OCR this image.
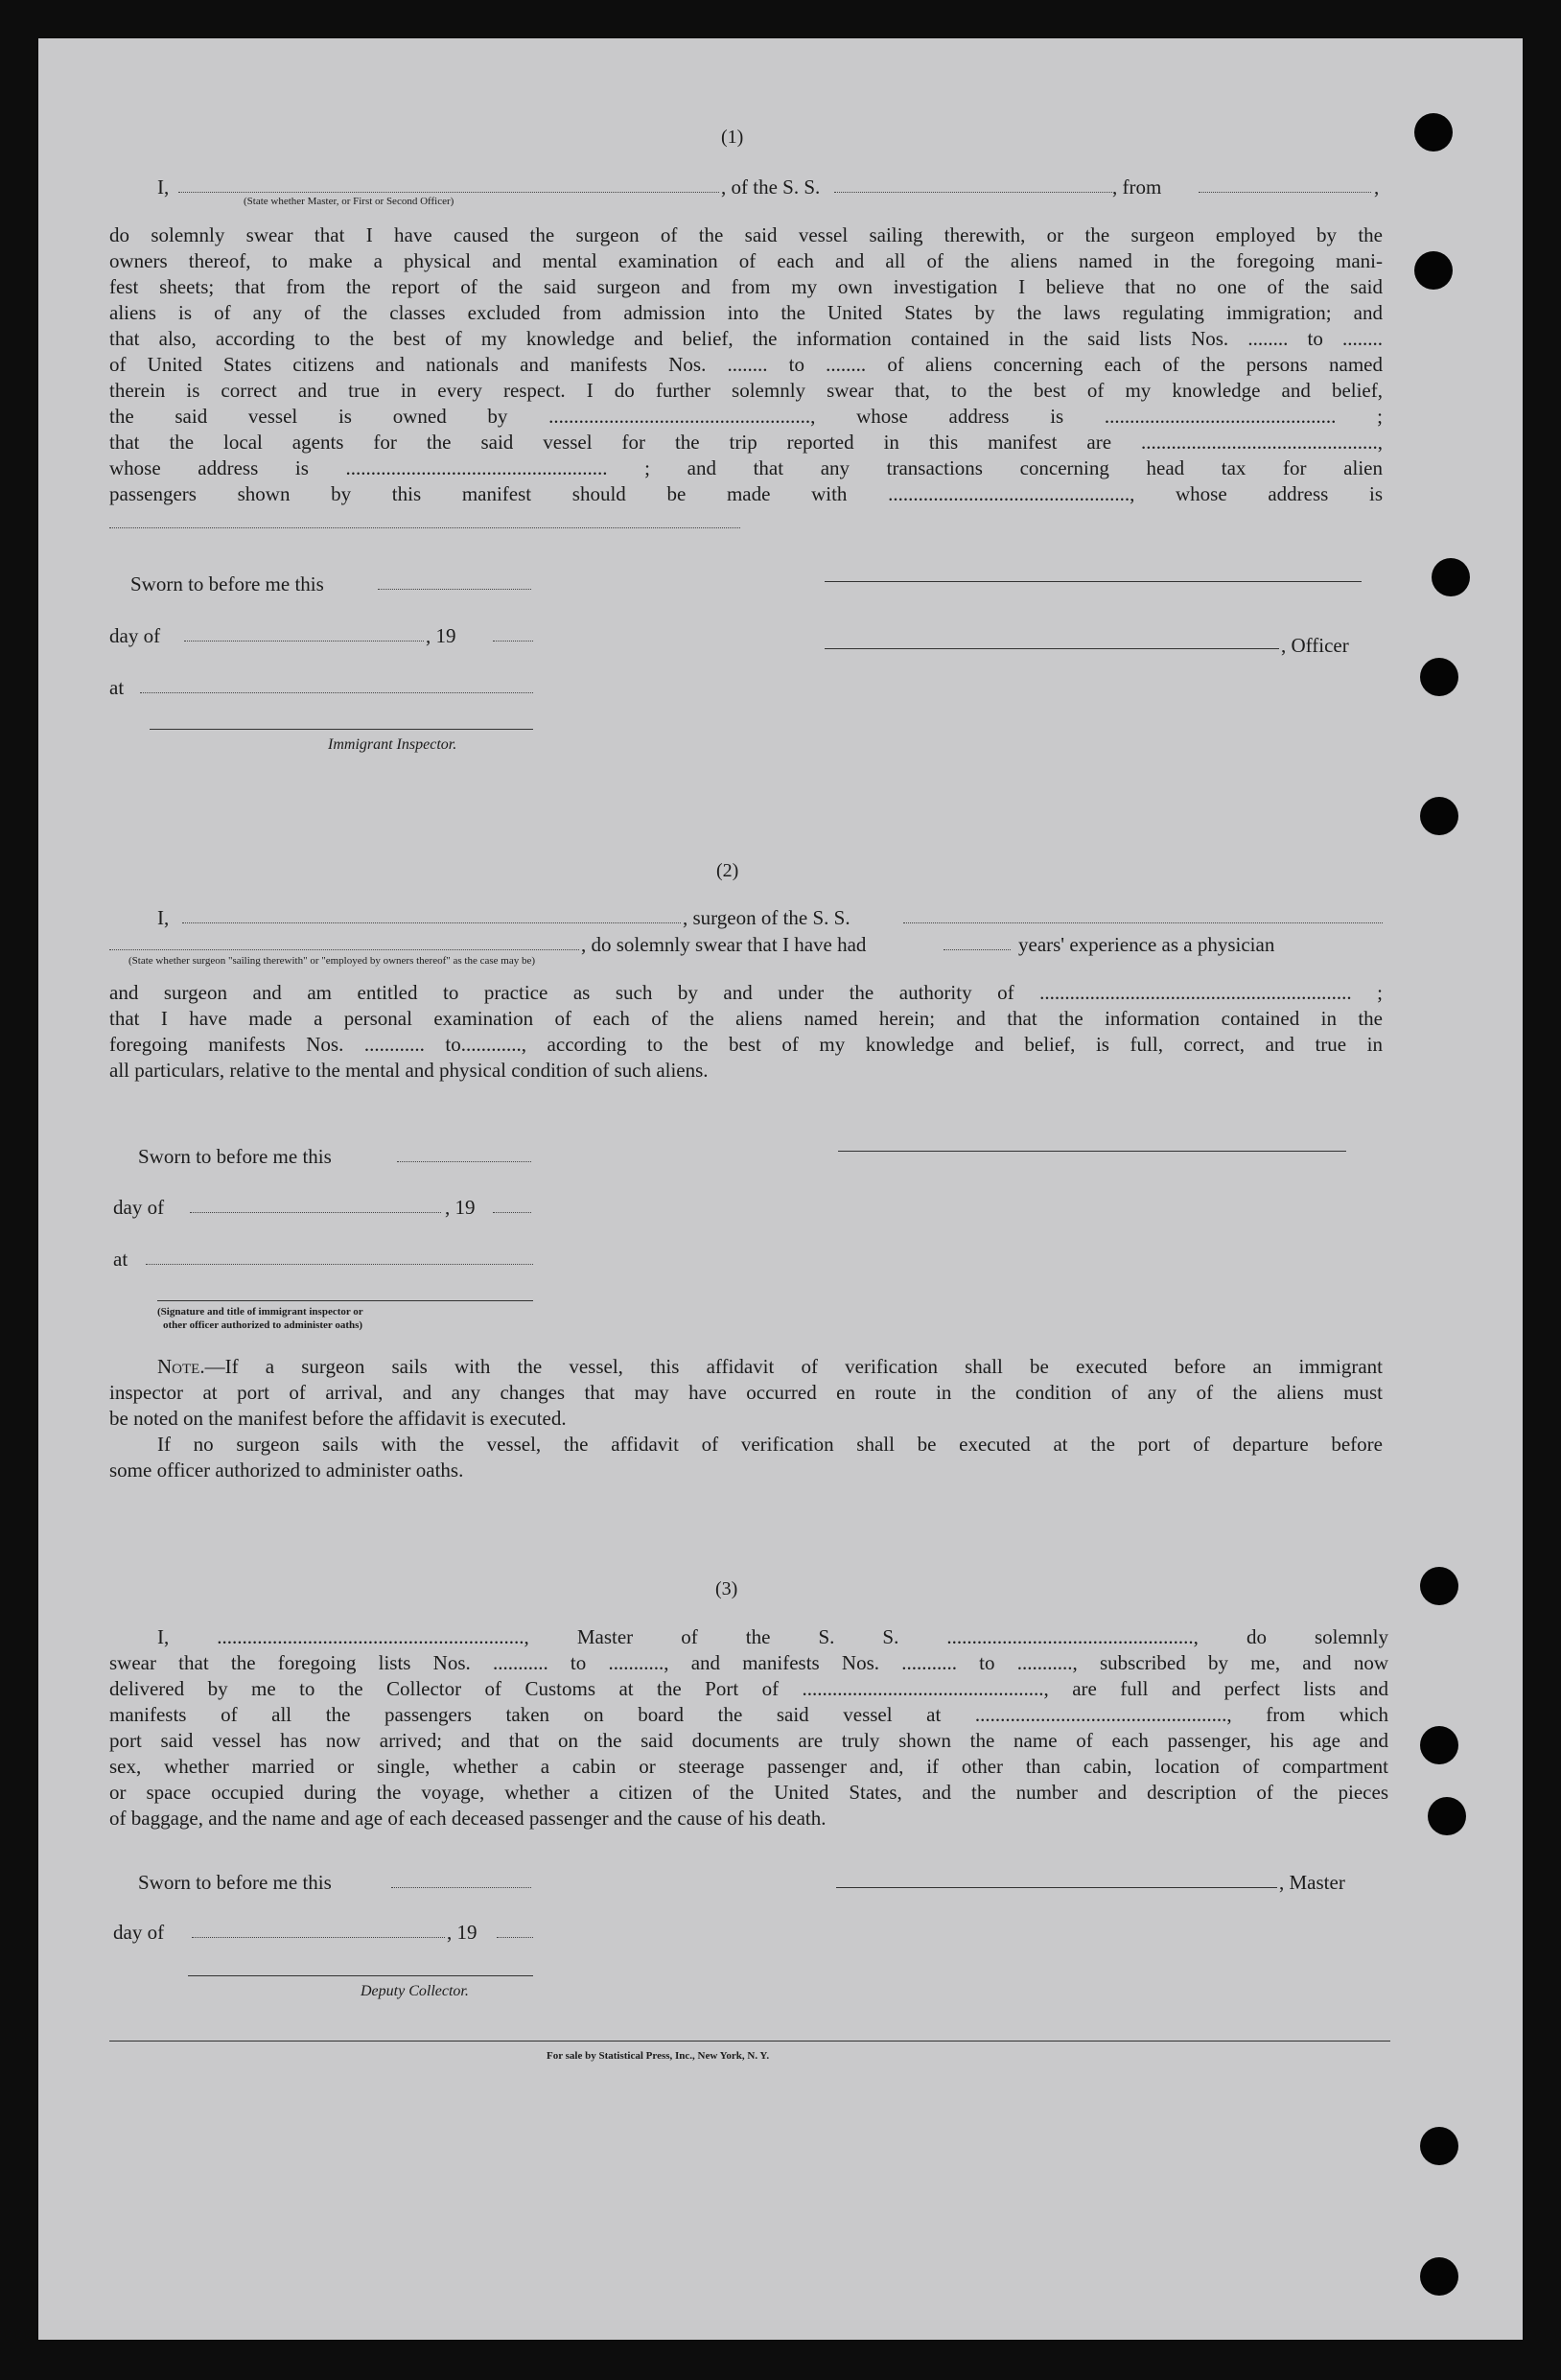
(1)
I,
(State whether Master, or First or Second Officer)
, of the S. S.	, from	,
do solemnly swear that I have caused the surgeon of the said vessel sailing therewith, or the surgeon employed by the
owners thereof, to make a physical and mental examination of each and all of the aliens named in the foregoing mani-
fest sheets; that from the report of the said surgeon and from my own investigation I believe that no one of the said
aliens is of any of the classes excluded from admission into the United States by the laws regulating immigration; and
that also, according to the best of my knowledge and belief, the information contained in the said lists Nos. ........ to ........
of United States citizens and nationals and manifests Nos. ........ to ........ of aliens concerning each of the persons named
therein is correct and true in every respect. I do further solemnly swear that, to the best of my knowledge and belief,
the said vessel is owned by ...................................................., whose address is .............................................. ;
that the local agents for the said vessel for the trip reported in this manifest are ...............................................,
whose address is .................................................... ; and that any transactions concerning head tax for alien
passengers shown by this manifest should be made with ................................................, whose address is
Sworn to before me this
day of	, 19
at
Immigrant Inspector.
, Officer
(2)
I,	, surgeon of the S. S.
, do solemnly swear that I have had	years' experience as a physician
(State whether surgeon "sailing therewith" or "employed by owners thereof" as the case may be)
and surgeon and am entitled to practice as such by and under the authority of .............................................................. ;
that I have made a personal examination of each of the aliens named herein; and that the information contained in the
foregoing manifests Nos. ............ to............, according to the best of my knowledge and belief, is full, correct, and true in
all particulars, relative to the mental and physical condition of such aliens.
Sworn to before me this
day of	, 19
at
(Signature and title of immigrant inspector or
other officer authorized to administer oaths)
Note.—If a surgeon sails with the vessel, this affidavit of verification shall be executed before an immigrant
inspector at port of arrival, and any changes that may have occurred en route in the condition of any of the aliens must
be noted on the manifest before the affidavit is executed.
If no surgeon sails with the vessel, the affidavit of verification shall be executed at the port of departure before
some officer authorized to administer oaths.
(3)
I, ............................................................., Master of the S. S. ................................................., do solemnly
swear that the foregoing lists Nos. ........... to ..........., and manifests Nos. ........... to ..........., subscribed by me, and now
delivered by me to the Collector of Customs at the Port of ................................................, are full and perfect lists and
manifests of all the passengers taken on board the said vessel at .................................................., from which
port said vessel has now arrived; and that on the said documents are truly shown the name of each passenger, his age and
sex, whether married or single, whether a cabin or steerage passenger and, if other than cabin, location of compartment
or space occupied during the voyage, whether a citizen of the United States, and the number and description of the pieces
of baggage, and the name and age of each deceased passenger and the cause of his death.
Sworn to before me this
day of	, 19
Deputy Collector.
, Master
For sale by Statistical Press, Inc., New York, N. Y.
